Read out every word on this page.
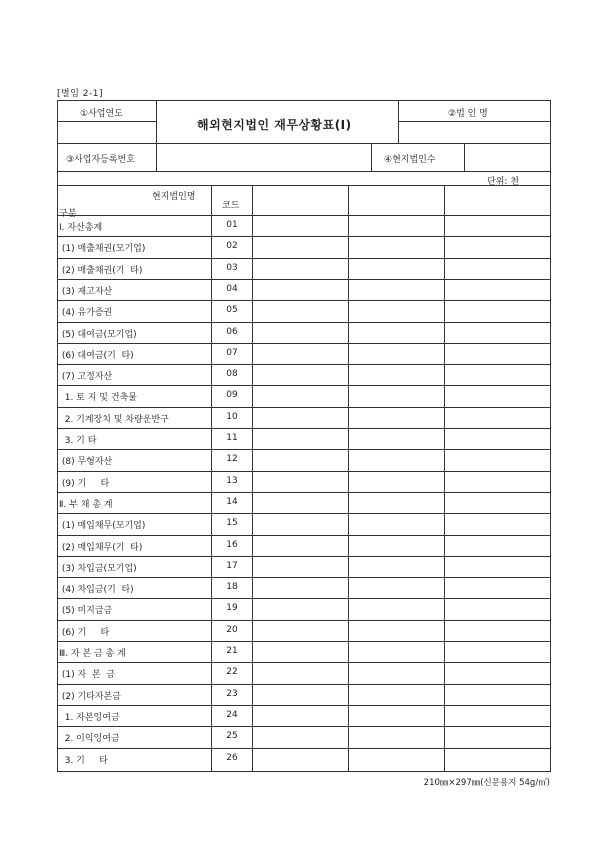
[별임 2-1]
①사업연도
해외현지법인 재무상황표(Ⅰ)
②법 인 명
③사업자등록번호	④현지법인수
단위: 천
현지법인명
구분
코드
Ⅰ. 자산총계	01
(1) 매출채권(모기업)	02
(2) 매출채권(기  타)	03
(3) 재고자산	04
(4) 유가증권	05
(5) 대여금(모기업)	06
(6) 대여금(기  타)	07
(7) 고정자산	08
1. 토 지 및 건축물	09
2. 기계장치 및 차량운반구	10
3. 기 타	11
(8) 무형자산	12
(9) 기     타	13
Ⅱ. 부 채 총 계	14
(1) 매입채무(모기업)	15
(2) 매입채무(기  타)	16
(3) 차입금(모기업)	17
(4) 차입금(기  타)	18
(5) 미지급금	19
(6) 기     타	20
Ⅲ. 자 본 금 총 계	21
(1) 자  본  금	22
(2) 기타자본금	23
1. 자본잉여금	24
2. 이익잉여금	25
3. 기     타	26
210㎜×297㎜(신문용지 54g/㎡)
